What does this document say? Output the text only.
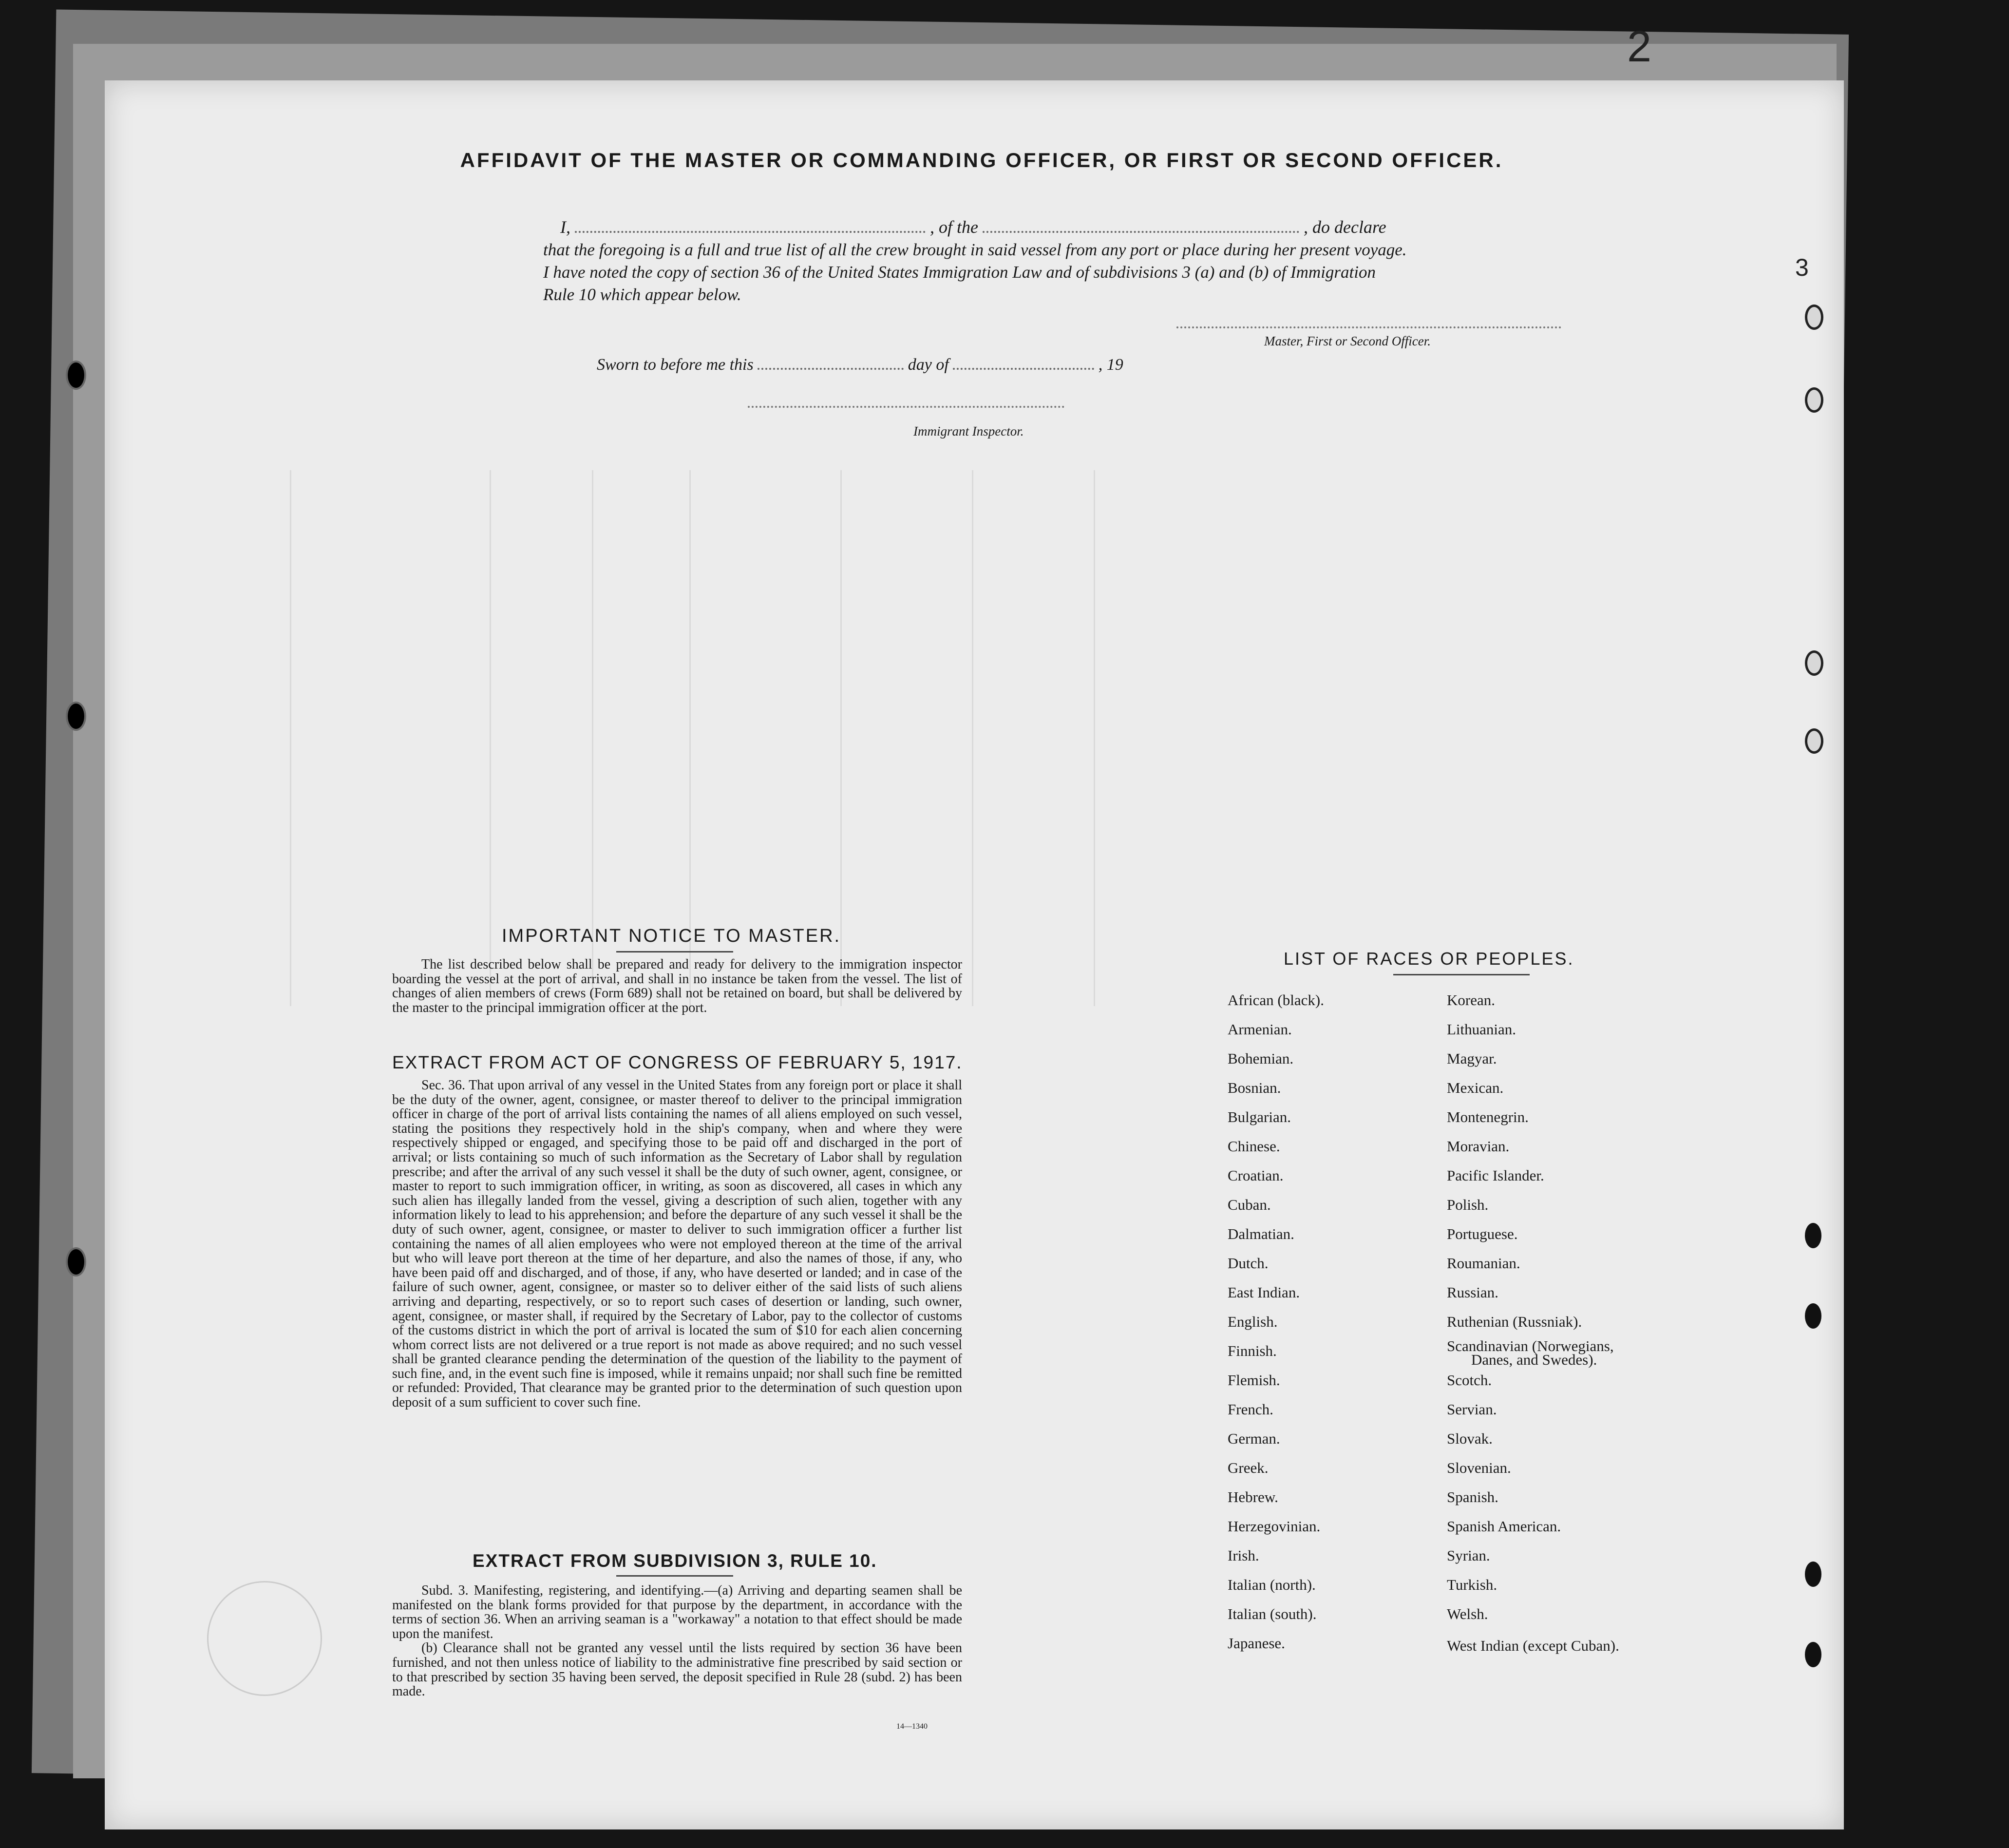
2
AFFIDAVIT OF THE MASTER OR COMMANDING OFFICER, OR FIRST OR SECOND OFFICER.
I,	, of the	, do declare
that the foregoing is a full and true list of all the crew brought in said vessel from any port or place during her present voyage.
I have noted the copy of section 36 of the United States Immigration Law and of subdivisions 3 (a) and (b) of Immigration
Rule 10 which appear below.
Master, First or Second Officer.
Sworn to before me this	day of	, 19
Immigrant Inspector.
IMPORTANT NOTICE TO MASTER.

The list described below shall be prepared and ready for delivery to the immigration inspector boarding the vessel at the port of arrival, and shall in no instance be taken from the vessel. The list of changes of alien members of crews (Form 689) shall not be retained on board, but shall be delivered by the master to the principal immigration officer at the port.

EXTRACT FROM ACT OF CONGRESS OF FEBRUARY 5, 1917.

Sec. 36. That upon arrival of any vessel in the United States from any foreign port or place it shall be the duty of the owner, agent, consignee, or master thereof to deliver to the principal immigration officer in charge of the port of arrival lists containing the names of all aliens employed on such vessel, stating the positions they respectively hold in the ship's company, when and where they were respectively shipped or engaged, and specifying those to be paid off and discharged in the port of arrival; or lists containing so much of such information as the Secretary of Labor shall by regulation prescribe; and after the arrival of any such vessel it shall be the duty of such owner, agent, consignee, or master to report to such immigration officer, in writing, as soon as discovered, all cases in which any such alien has illegally landed from the vessel, giving a description of such alien, together with any information likely to lead to his apprehension; and before the departure of any such vessel it shall be the duty of such owner, agent, consignee, or master to deliver to such immigration officer a further list containing the names of all alien employees who were not employed thereon at the time of the arrival but who will leave port thereon at the time of her departure, and also the names of those, if any, who have been paid off and discharged, and of those, if any, who have deserted or landed; and in case of the failure of such owner, agent, consignee, or master so to deliver either of the said lists of such aliens arriving and departing, respectively, or so to report such cases of desertion or landing, such owner, agent, consignee, or master shall, if required by the Secretary of Labor, pay to the collector of customs of the customs district in which the port of arrival is located the sum of $10 for each alien concerning whom correct lists are not delivered or a true report is not made as above required; and no such vessel shall be granted clearance pending the determination of the question of the liability to the payment of such fine, and, in the event such fine is imposed, while it remains unpaid; nor shall such fine be remitted or refunded: Provided, That clearance may be granted prior to the determination of such question upon deposit of a sum sufficient to cover such fine.

EXTRACT FROM SUBDIVISION 3, RULE 10.

Subd. 3. Manifesting, registering, and identifying.—(a) Arriving and departing seamen shall be manifested on the blank forms provided for that purpose by the department, in accordance with the terms of section 36. When an arriving seaman is a "workaway" a notation to that effect should be made upon the manifest.

(b) Clearance shall not be granted any vessel until the lists required by section 36 have been furnished, and not then unless notice of liability to the administrative fine prescribed by said section or to that prescribed by section 35 having been served, the deposit specified in Rule 28 (subd. 2) has been made.

14—1340
LIST OF RACES OR PEOPLES.
African (black).
Armenian.
Bohemian.
Bosnian.
Bulgarian.
Chinese.
Croatian.
Cuban.
Dalmatian.
Dutch.
East Indian.
English.
Finnish.
Flemish.
French.
German.
Greek.
Hebrew.
Herzegovinian.
Irish.
Italian (north).
Italian (south).
Japanese.
Korean.
Lithuanian.
Magyar.
Mexican.
Montenegrin.
Moravian.
Pacific Islander.
Polish.
Portuguese.
Roumanian.
Russian.
Ruthenian (Russniak).
Scandinavian (Norwegians,
Danes, and Swedes).
Scotch.
Servian.
Slovak.
Slovenian.
Spanish.
Spanish American.
Syrian.
Turkish.
Welsh.
West Indian (except Cuban).
3
